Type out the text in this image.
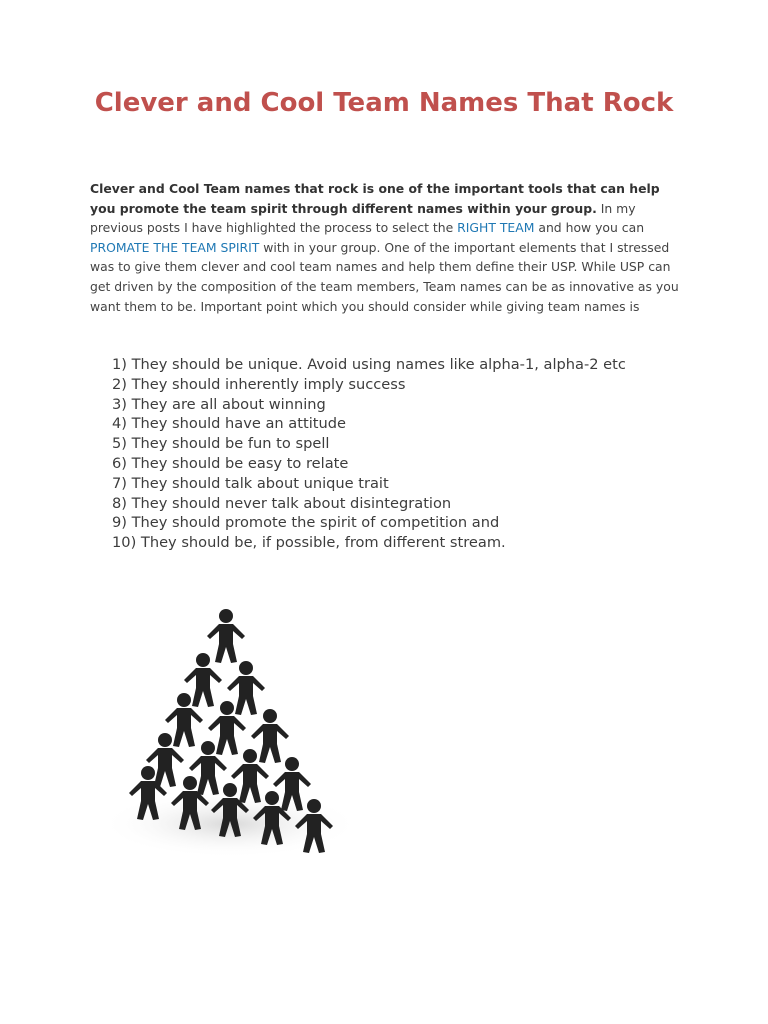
Clever and Cool Team Names That Rock

Clever and Cool Team names that rock is one of the important tools that can help you promote the team spirit through different names within your group. In my previous posts I have highlighted the process to select the RIGHT TEAM and how you can PROMATE THE TEAM SPIRIT with in your group. One of the important elements that I stressed was to give them clever and cool team names and help them define their USP. While USP can get driven by the composition of the team members, Team names can be as innovative as you want them to be. Important point which you should consider while giving team names is

1) They should be unique. Avoid using names like alpha-1, alpha-2 etc
2) They should inherently imply success
3) They are all about winning
4) They should have an attitude
5) They should be fun to spell
6) They should be easy to relate
7) They should talk about unique trait
8) They should never talk about disintegration
9) They should promote the spirit of competition and
10) They should be, if possible, from different stream.
